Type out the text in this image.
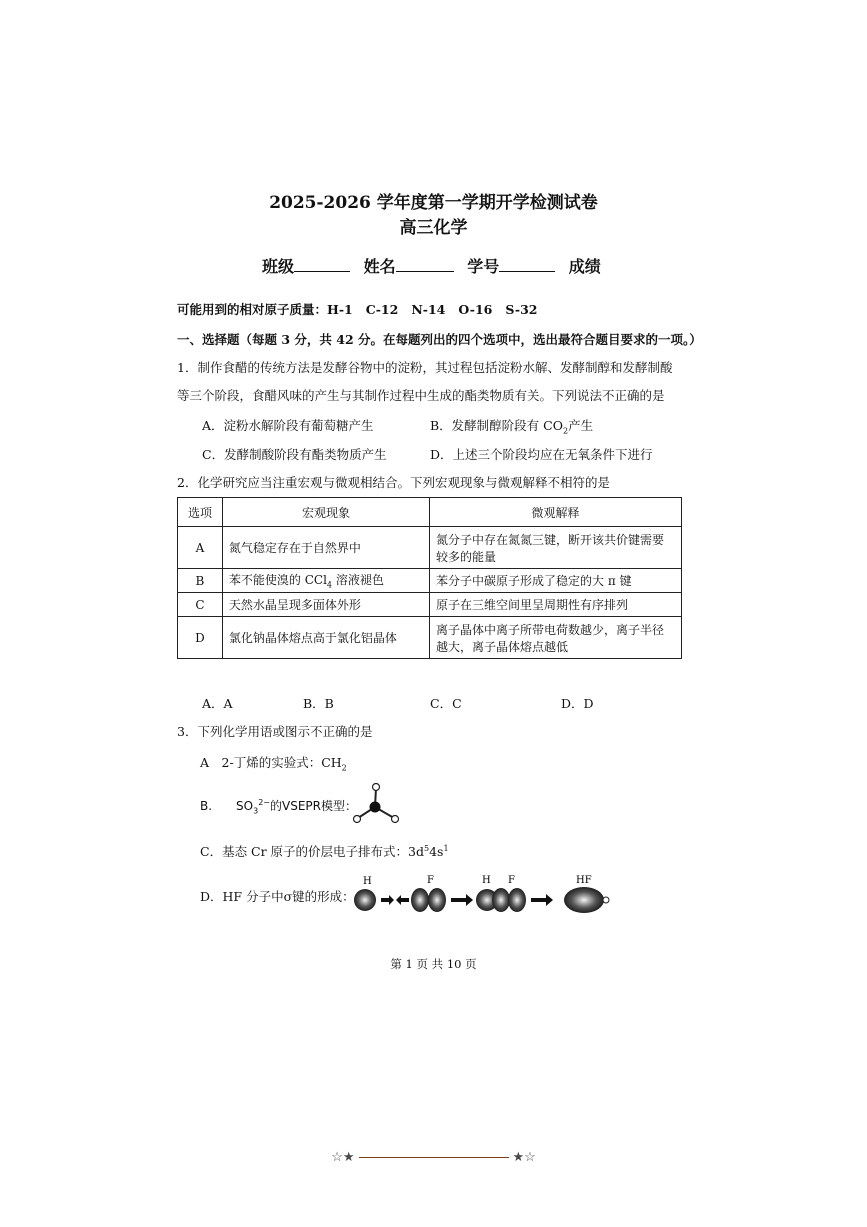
2025-2026 学年度第一学期开学检测试卷
高三化学
班级	姓名	学号	成绩
可能用到的相对原子质量：H-1   C-12   N-14   O-16   S-32
一、选择题（每题 3 分，共 42 分。在每题列出的四个选项中，选出最符合题目要求的一项。）
1．制作食醋的传统方法是发酵谷物中的淀粉，其过程包括淀粉水解、发酵制醇和发酵制酸
等三个阶段，食醋风味的产生与其制作过程中生成的酯类物质有关。下列说法不正确的是
A．淀粉水解阶段有葡萄糖产生	B．发酵制醇阶段有 $CO_2$产生
C．发酵制酸阶段有酯类物质产生	D．上述三个阶段均应在无氧条件下进行
2．化学研究应当注重宏观与微观相结合。下列宏观现象与微观解释不相符的是
选项	宏观现象	微观解释
A	氮气稳定存在于自然界中	氮分子中存在氮氮三键，断开该共价键需要较多的能量
B	苯不能使溴的 CCl$_4$ 溶液褪色	苯分子中碳原子形成了稳定的大 π 键
C	天然水晶呈现多面体外形	原子在三维空间里呈周期性有序排列
D	氯化钠晶体熔点高于氯化铝晶体	离子晶体中离子所带电荷数越少，离子半径越大，离子晶体熔点越低
A．A	B．B	C．C	D．D
3．下列化学用语或图示不正确的是
A　2-丁烯的实验式：$CH_2$
B.　　$SO_3^{2-}$的VSEPR模型：
C．基态 Cr 原子的价层电子排布式：$3d^54s^1$
D．HF 分子中σ键的形成：
H	F	H F	HF
第 1 页 共 10 页
☆★	★☆
